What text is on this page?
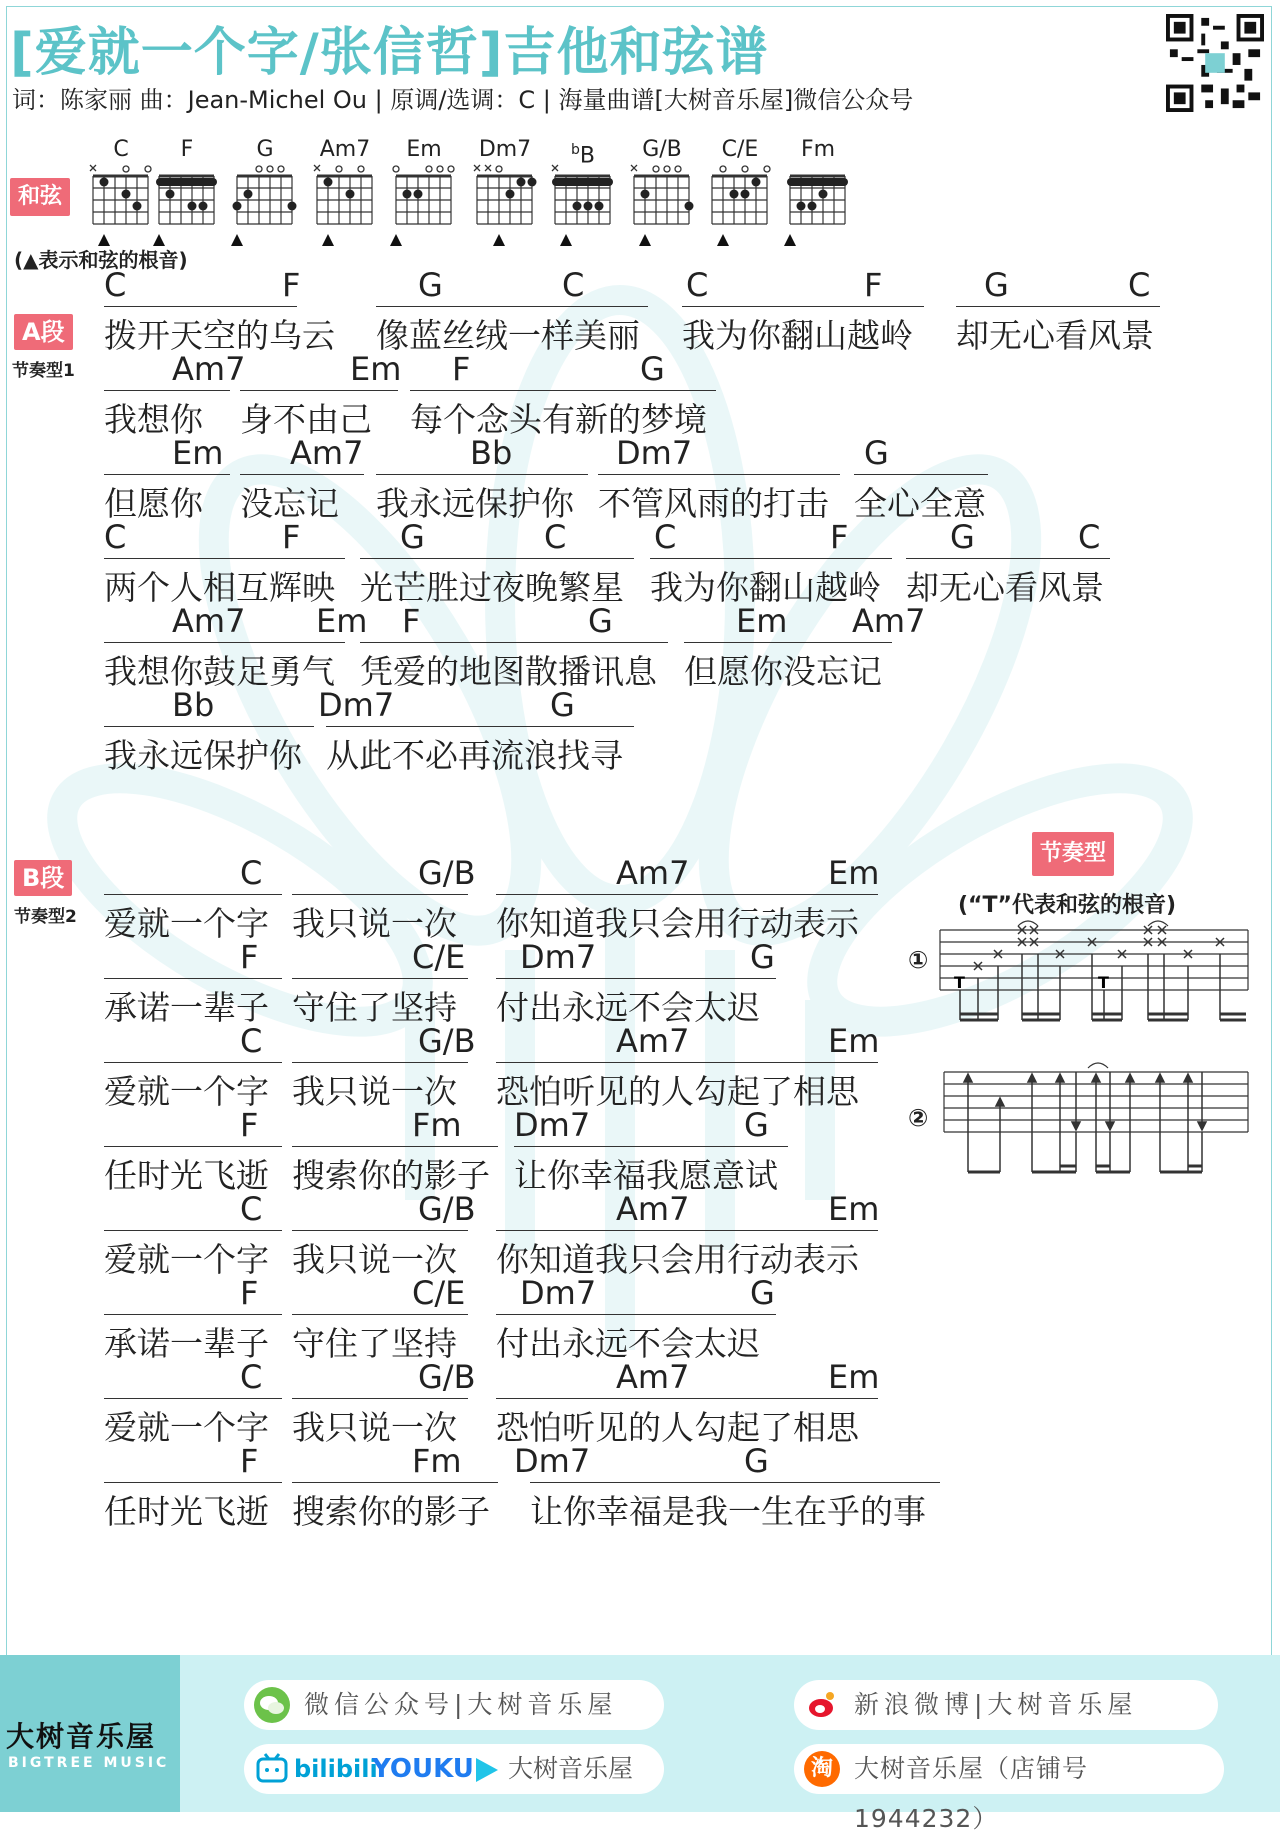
[爱就一个字/张信哲]吉他和弦谱
词：陈家丽 曲：Jean-Michel Ou | 原调/选调：C | 海量曲谱[大树音乐屋]微信公众号
和弦
(▲表示和弦的根音)
C	F	G	Am7	Em	Dm7	$^b$B	G/B	C/E	Fm
A段
节奏型1
B段
节奏型2
C	F	G	C	C	F	G	C
拨开天空的乌云 像蓝丝绒一样美丽 我为你翻山越岭 却无心看风景
Am7	Em F	G
我想你 身不由己 每个念头有新的梦境
Em Am7	Bb	Dm7	G
但愿你 没忘记 我永远保护你 不管风雨的打击 全心全意
C	F	G	C	C	F	G	C
两个人相互辉映 光芒胜过夜晚繁星 我为你翻山越岭 却无心看风景
Am7 Em F	G	Em Am7
我想你鼓足勇气 凭爱的地图散播讯息 但愿你没忘记
Bb	Dm7	G
我永远保护你 从此不必再流浪找寻
C	G/B	Am7	Em
爱就一个字 我只说一次 你知道我只会用行动表示
F	C/E Dm7	G
承诺一辈子 守住了坚持 付出永远不会太迟
C	G/B	Am7	Em
爱就一个字 我只说一次 恐怕听见的人勾起了相思
F	Fm Dm7	G
任时光飞逝 搜索你的影子 让你幸福我愿意试
C	G/B	Am7	Em
爱就一个字 我只说一次 你知道我只会用行动表示
F	C/E Dm7	G
承诺一辈子 守住了坚持 付出永远不会太迟
C	G/B	Am7	Em
爱就一个字 我只说一次 恐怕听见的人勾起了相思
F	Fm Dm7	G
任时光飞逝 搜索你的影子 让你幸福是我一生在乎的事
节奏型
(“T”代表和弦的根音)
①
②
T	T
大树音乐屋
BIGTREE MUSIC
微信公众号|大树音乐屋	新浪微博|大树音乐屋
bilibili
YOUKU 大树音乐屋	淘 大树音乐屋（店铺号 1944232）
